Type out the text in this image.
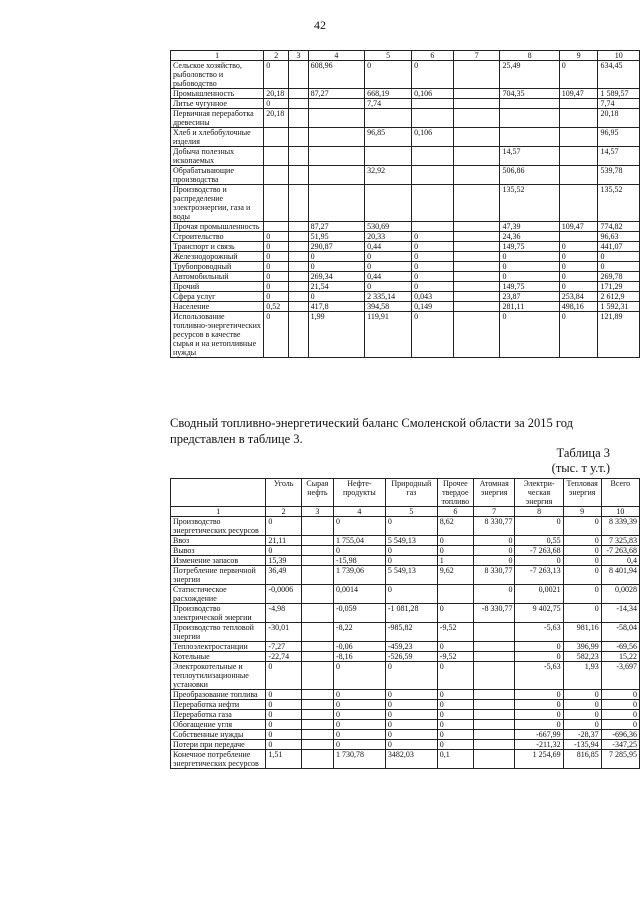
42
1	2	3	4	5	6	7	8	9	10
Сельское хозяйство, рыболовство и рыбоводство	0		608,96	0	0		25,49	0	634,45
Промышленность	20,18		87,27	668,19	0,106		704,35	109,47	1 589,57
Литье чугунное	0			7,74					7,74
Первичная переработка древесины	20,18								20,18
Хлеб и хлебобулочные изделия				96,85	0,106				96,95
Добыча полезных ископаемых							14,57		14,57
Обрабатывающие производства				32,92			506,86		539,78
Производство и распределение электроэнергии, газа и воды							135,52		135,52
Прочая промышленность			87,27	530,69			47,39	109,47	774,82
Строительство	0		51,95	20,33	0		24,36		96,63
Транспорт и связь	0		290,87	0,44	0		149,75	0	441,07
Железнодорожный	0		0	0	0		0	0	0
Трубопроводный	0		0	0	0		0	0	0
Автомобильный	0		269,34	0,44	0		0	0	269,78
Прочий	0		21,54	0	0		149,75	0	171,29
Сфера услуг	0		0	2 335,14	0,043		23,87	253,84	2 612,9
Население	0,52		417,8	394,58	0,149		281,11	498,16	1 592,31
Использование топливно-энергетических ресурсов в качестве сырья и на нетопливные нужды	0		1,99	119,91	0		0	0	121,89
Сводный топливно-энергетический баланс Смоленской области за 2015 год представлен в таблице 3.
Таблица 3
(тыс. т у.т.)
	Уголь	Сырая нефть	Нефте-продукты	Природный газ	Прочее твердое топливо	Атомная энергия	Электри-ческая энергия	Тепловая энергия	Всего
1	2	3	4	5	6	7	8	9	10
Производство энергетических ресурсов	0		0	0	8,62	8 330,77	0	0	8 339,39
Ввоз	21,11		1 755,04	5 549,13	0	0	0,55	0	7 325,83
Вывоз	0		0	0	0	0	-7 263,68	0	-7 263,68
Изменение запасов	15,39		-15,98	0	1	0	0	0	0,4
Потребление первичной энергии	36,49		1 739,06	5 549,13	9,62	8 330,77	-7 263,13	0	8 401,94
Статистическое расхождение	-0,0006		0,0014	0		0	0,0021	0	0,0028
Производство электрической энергии	-4,98		-0,059	-1 081,28	0	-8 330,77	9 402,75	0	-14,34
Производство тепловой энергии	-30,01		-8,22	-985,82	-9,52		-5,63	981,16	-58,04
Теплоэлектростанции	-7,27		-0,06	-459,23	0		0	396,99	-69,56
Котельные	-22,74		-8,16	-526,59	-9,52		0	582,23	15,22
Электрокотельные и теплоутилизационные установки	0		0	0	0		-5,63	1,93	-3,697
Преобразование топлива	0		0	0	0		0	0	0
Переработка нефти	0		0	0	0		0	0	0
Переработка газа	0		0	0	0		0	0	0
Обогащение угля	0		0	0	0		0	0	0
Собственные нужды	0		0	0	0		-667,99	-28,37	-696,36
Потери при передаче	0		0	0	0		-211,32	-135,94	-347,25
Конечное потребление энергетических ресурсов	1,51		1 730,78	3482,03	0,1		1 254,69	816,85	7 285,95
